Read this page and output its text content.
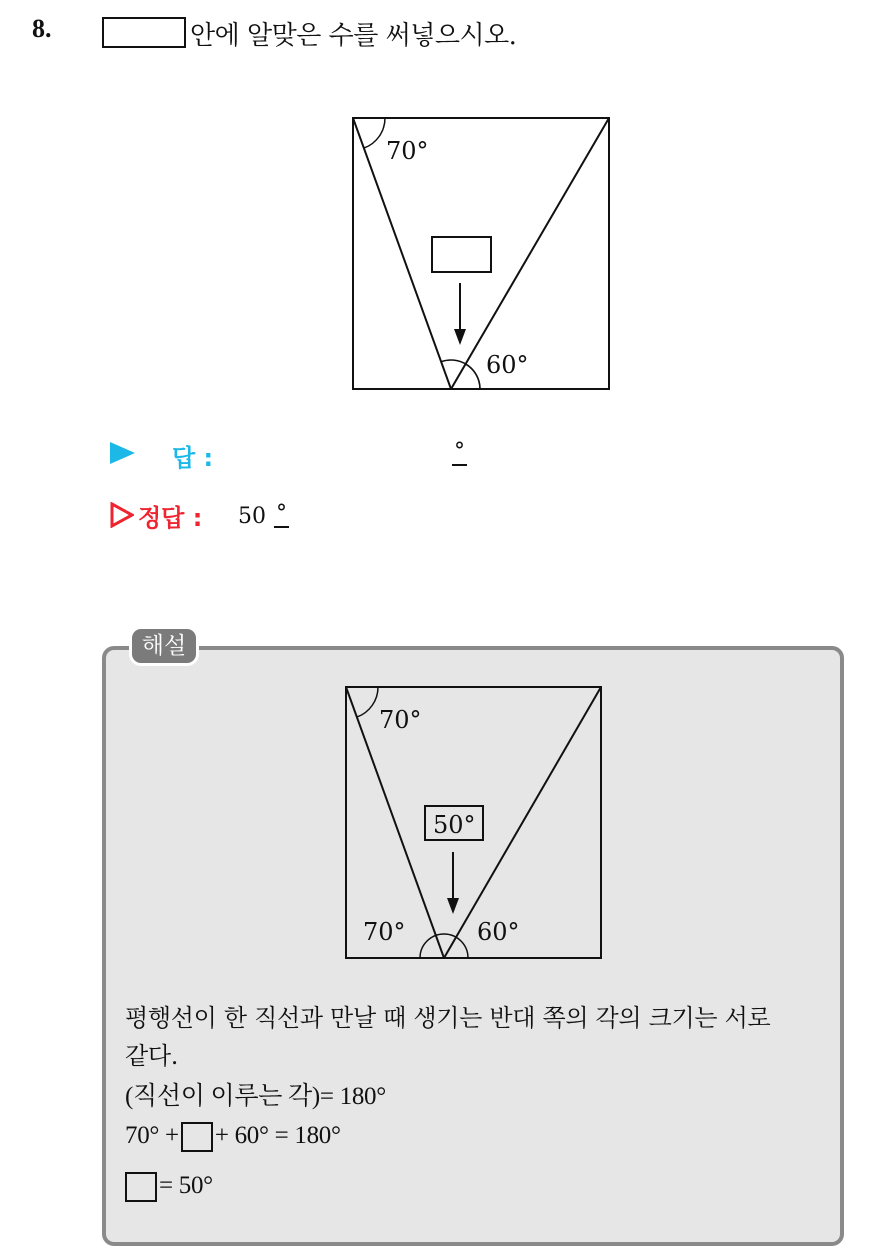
8.	안에 알맞은 수를 써넣으시오.
70°
60°
답 :	°
정답 : 50 °
해설
70°
50°
70°	60°
평행선이 한 직선과 만날 때 생기는 반대 쪽의 각의 크기는 서로
같다.
(직선이 이루는 각)= 180°
70° + + 60° = 180°
= 50°
